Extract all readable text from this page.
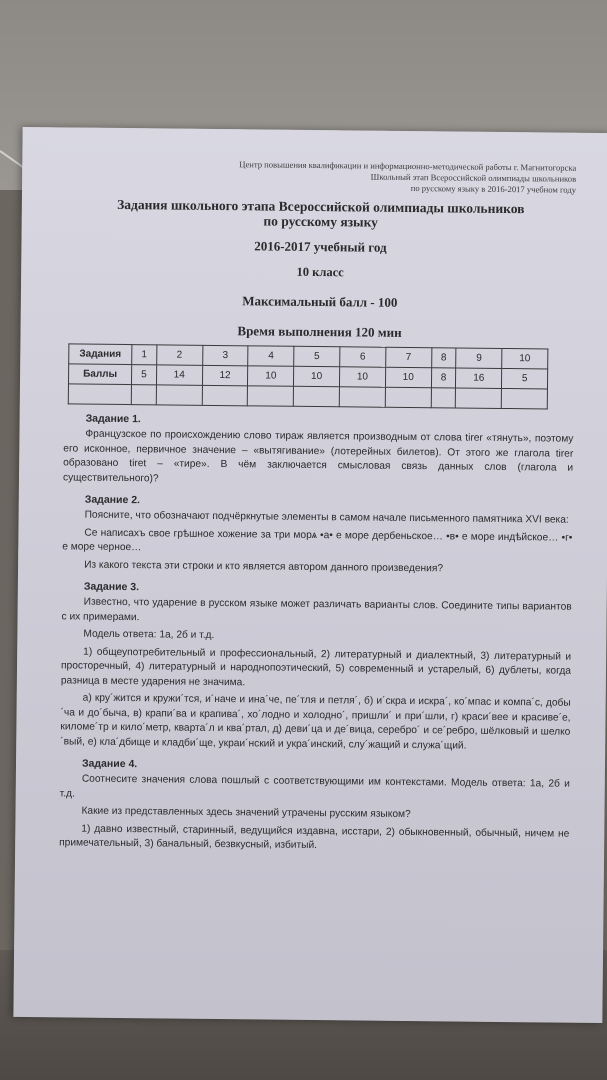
Центр повышения квалификации и информационно-методической работы г. Магнитогорска
Школьный этап Всероссийской олимпиады школьников
по русскому языку в 2016-2017 учебном году
Задания школьного этапа Всероссийской олимпиады школьников
по русскому языку
2016-2017 учебный год
10 класс
Максимальный балл - 100
Время выполнения 120 мин
Задания	1	2	3	4	5	6	7	8	9	10
Баллы	5	14	12	10	10	10	10	8	16	5

Задание 1.

Французское по происхождению слово тираж является производным от слова tirer «тянуть», поэтому его исконное, первичное значение – «вытягивание» (лотерейных билетов). От этого же глагола tirer образовано tiret – «тире». В чём заключается смысловая связь данных слов (глагола и существительного)?

Задание 2.

Поясните, что обозначают подчёркнутые элементы в самом начале письменного памятника XVI века:

Се написахъ свое грѣшное хожение за три морѧ •а• е море дербеньское… •в• е море индѣйское… •г• е море черное…

Из какого текста эти строки и кто является автором данного произведения?

Задание 3.

Известно, что ударение в русском языке может различать варианты слов. Соедините типы вариантов с их примерами.

Модель ответа: 1а, 2б и т.д.

1) общеупотребительный и профессиональный, 2) литературный и диалектный, 3) литературный и просторечный, 4) литературный и народнопоэтический, 5) современный и устарелый, 6) дублеты, когда разница в месте ударения не значима.

а) кру´жится и кружи´тся, и´наче и ина´че, пе´тля и петля´, б) и´скра и искра´, ко´мпас и компа´с, добы´ча и до´быча, в) крапи´ва и крапива´, хо´лодно и холодно´, пришли´ и при´шли, г) краси´вее и красиве´е, киломе´тр и кило´метр, кварта´л и ква´ртал, д) деви´ца и де´вица, серебро´ и се´ребро, шёлковый и шелко´вый, е) кла´дбище и кладби´ще, украи´нский и укра´инский, слу´жащий и служа´щий.

Задание 4.

Соотнесите значения слова пошлый с соответствующими им контекстами. Модель ответа: 1а, 2б и т.д.

Какие из представленных здесь значений утрачены русским языком?

1) давно известный, старинный, ведущийся издавна, исстари, 2) обыкновенный, обычный, ничем не примечательный, 3) банальный, безвкусный, избитый.
